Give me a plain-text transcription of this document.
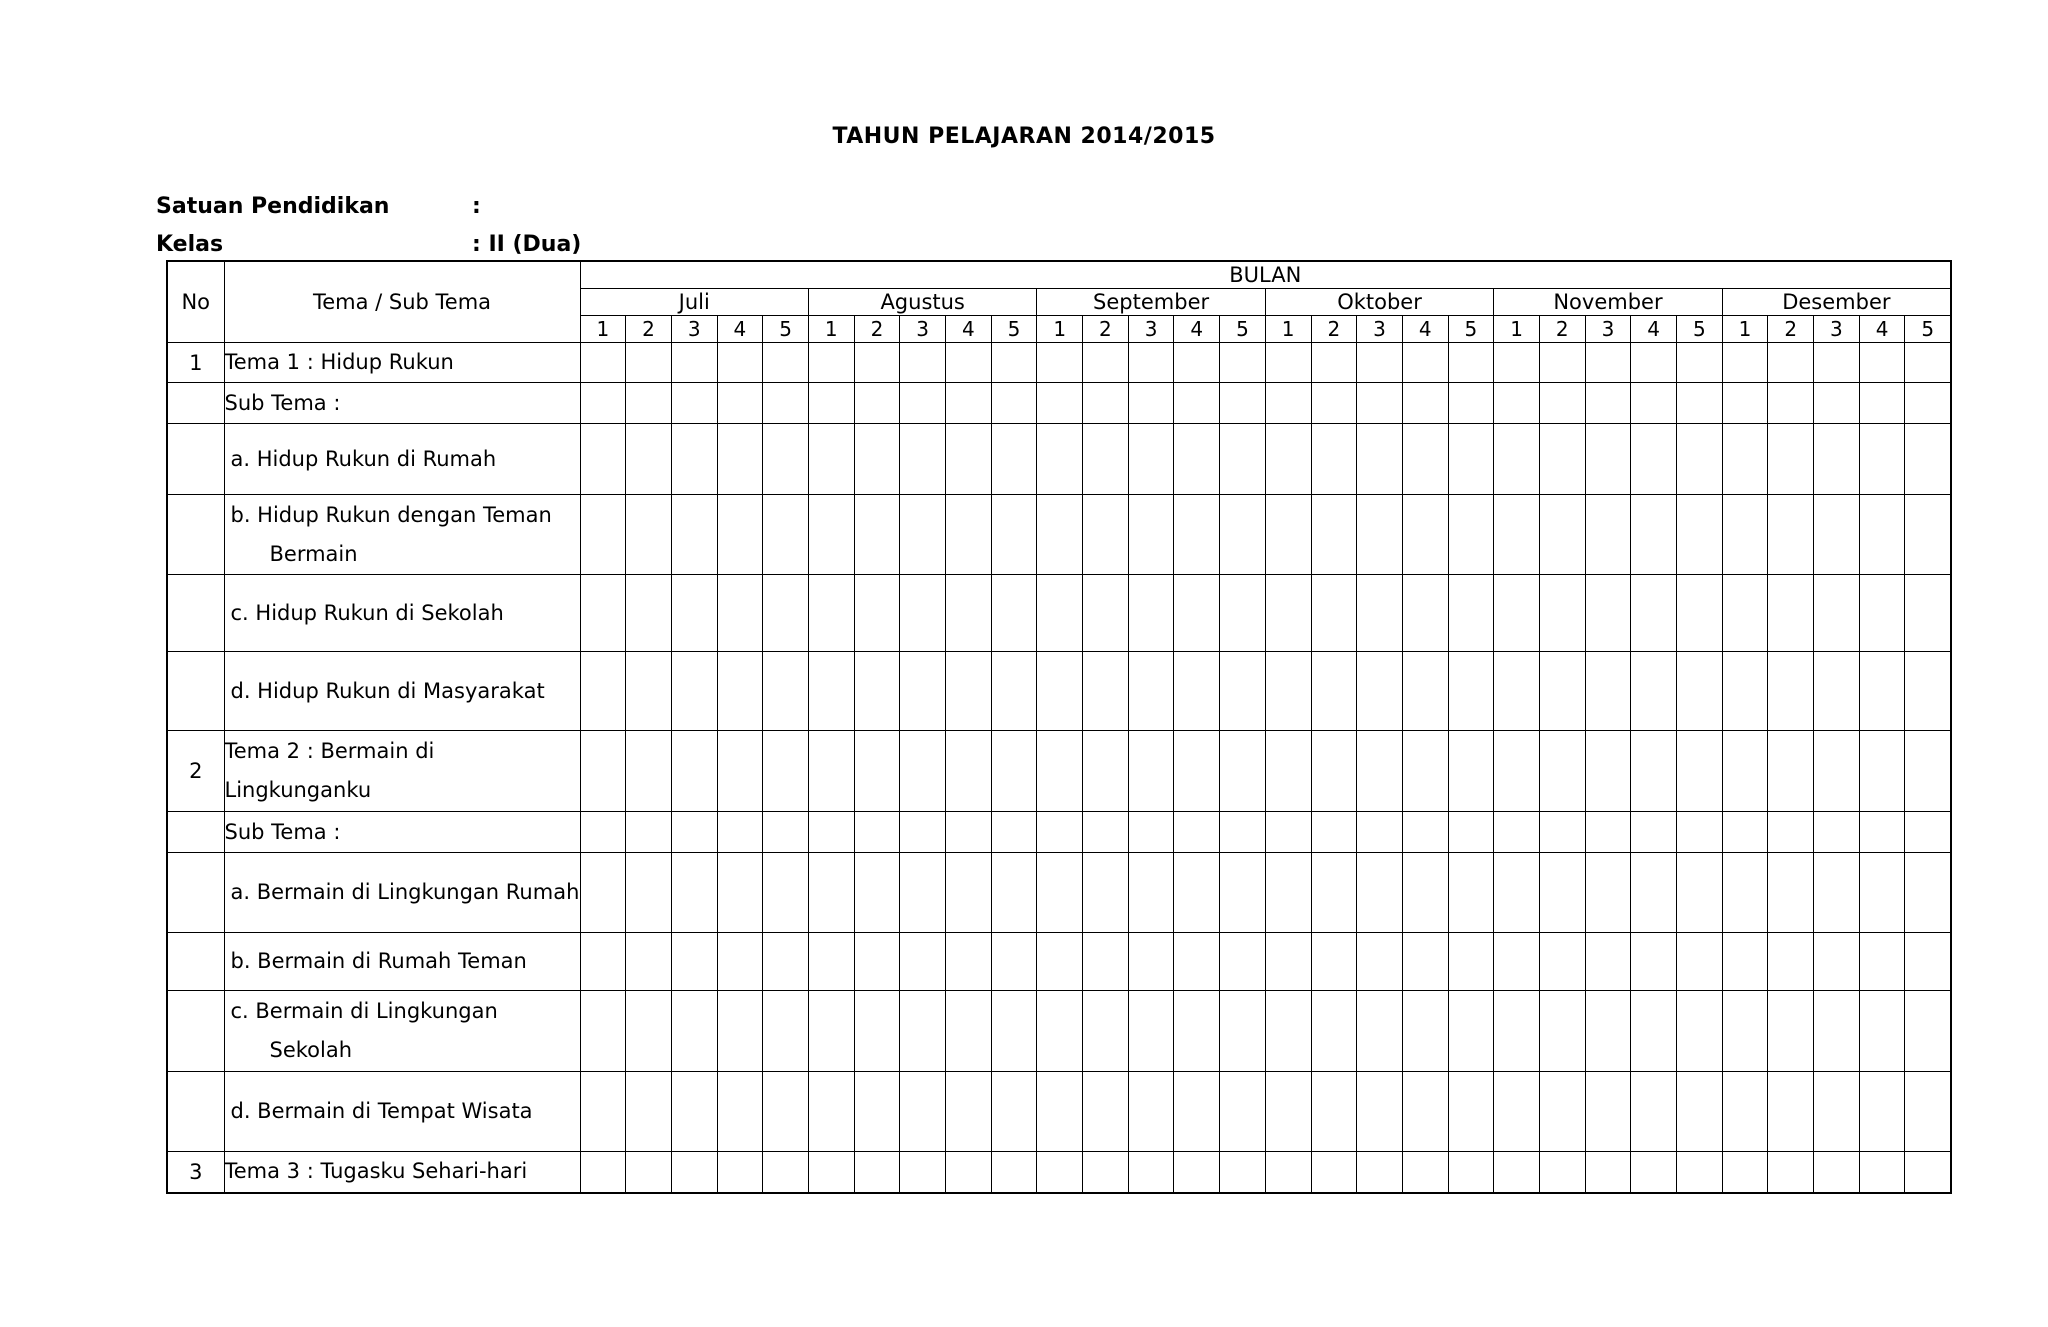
TAHUN PELAJARAN 2014/2015
Satuan Pendidikan	:
Kelas	: II (Dua)
No	Tema / Sub Tema	BULAN																													
		Juli					Agustus					September					Oktober					November					Desember				
		1	2	3	4	5	1	2	3	4	5	1	2	3	4	5	1	2	3	4	5	1	2	3	4	5	1	2	3	4	5
1	Tema 1 : Hidup Rukun																														
	Sub Tema :																														

	a. Hidup Rukun di Rumah																														

	b. Hidup Rukun dengan Teman Bermain																														

	c. Hidup Rukun di Sekolah																														

	d. Hidup Rukun di Masyarakat																														

2	Tema 2 : Bermain di Lingkunganku																														
	Sub Tema :																														

	a. Bermain di Lingkungan Rumah																														

	b. Bermain di Rumah Teman																														

	c. Bermain di Lingkungan Sekolah																														

	d. Bermain di Tempat Wisata																														

3	Tema 3 : Tugasku Sehari-hari																														
